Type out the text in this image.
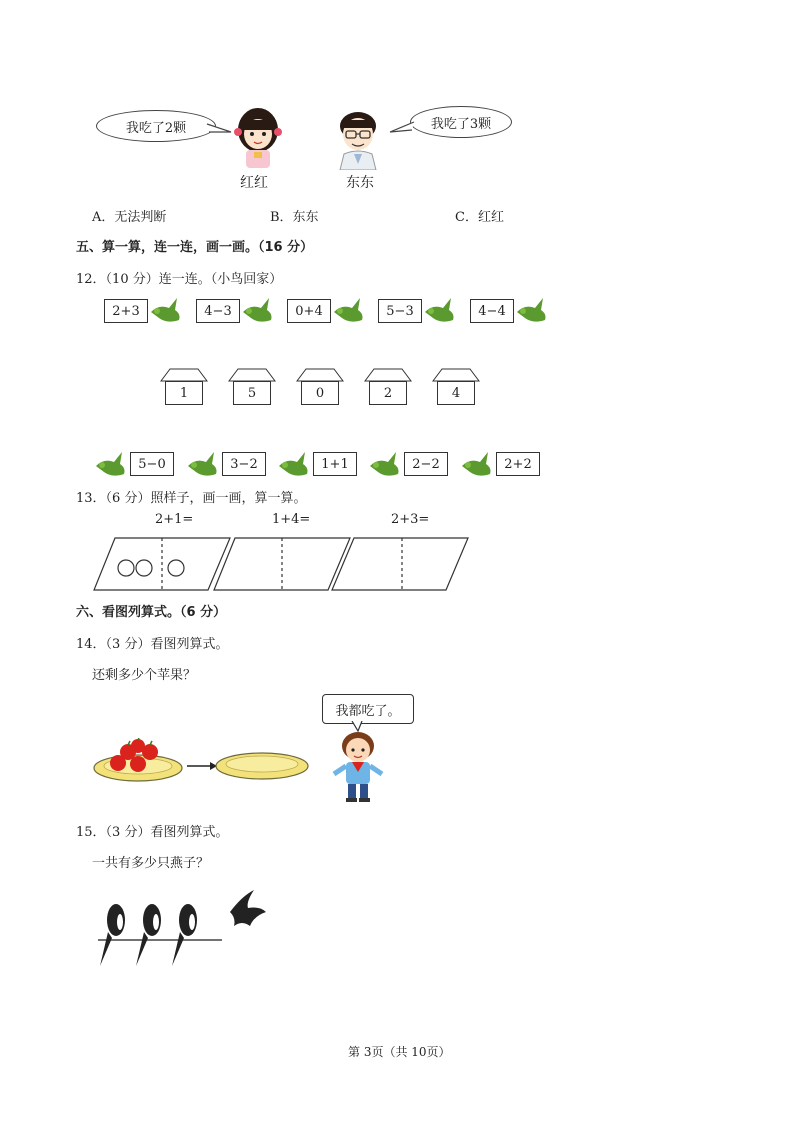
我吃了2颗	我吃了3颗
红红	东东
A．无法判断	B．东东	C．红红
五、算一算，连一连，画一画。（16 分）
12．（10 分）连一连。（小鸟回家）
2+3	4−3	0+4	5−3	4−4
1	5	0	2	4
5−0	3−2	1+1	2−2	2+2
13．（6 分）照样子，画一画，算一算。
2+1=	1+4=	2+3=
六、看图列算式。（6 分）
14．（3 分）看图列算式。
还剩多少个苹果？
我都吃了。
15．（3 分）看图列算式。
一共有多少只燕子？
第 3页（共 10页）
